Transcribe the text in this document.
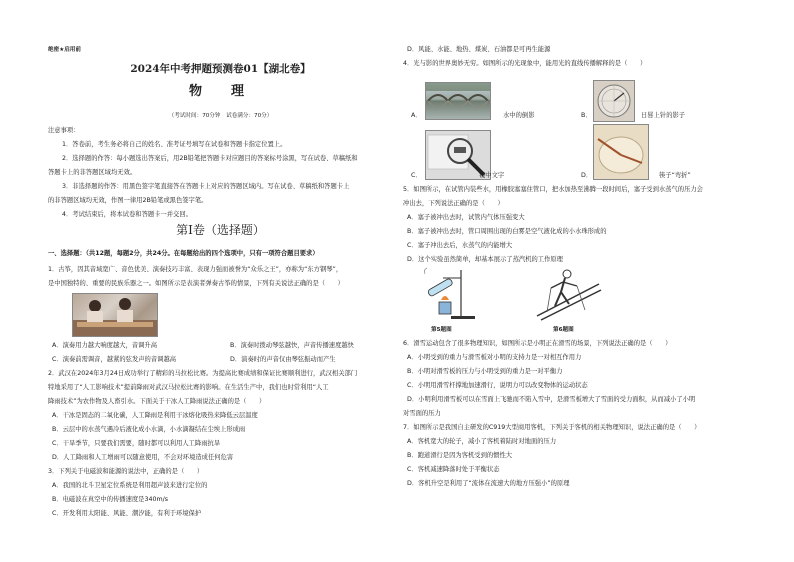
绝密★启用前
2024年中考押题预测卷01【湖北卷】
物　理
（考试时间：70分钟　试卷满分：70分）
注意事项：
1．答卷前，考生务必将自己的姓名、准考证号填写在试卷和答题卡指定位置上。
2．选择题的作答：每小题选出答案后，用2B铅笔把答题卡对应题目的答案标号涂黑，写在试卷、草稿纸和
答题卡上的非答题区域均无效。
3．非选择题的作答：用黑色签字笔直接答在答题卡上对应的答题区域内。写在试卷、草稿纸和答题卡上
的非答题区域均无效，作图一律用2B铅笔或黑色签字笔。
4．考试结束后，将本试卷和答题卡一并交回。
第Ⅰ卷（选择题）
一、选择题：（共12题，每题2分，共24分。在每题给出的四个选项中，只有一项符合题目要求）
1．古筝，因其音域宽广、音色优美、演奏技巧丰富、表现力强而被誉为“众乐之王”，亦称为“东方钢琴”，
是中国独特的、重要的民族乐器之一。如图所示是表演者弹奏古筝的情景，下列有关说法正确的是（　　）
A．演奏用力越大响度越大，音调升高	B．演奏时拨动琴弦越快，声音传播速度越快
C．演奏前需调音，越紧的弦发声的音调越高	D．演奏时的声音仅由琴弦振动而产生
2．武汉在2024年3月24日成功举行了精彩的马拉松比赛。为提高比赛成绩和保证比赛顺利进行，武汉相关部门
特地采用了“人工影响技术”提前降雨对武汉马拉松比赛的影响。在生活生产中，我们也时常利用“人工
降雨技术”为农作物及人畜引水。下面关于干冰人工降雨说法正确的是（　　）
A．干冰是固态的二氧化碳，人工降雨是利用干冰熔化吸热来降低云层温度
B．云层中的水蒸气遇冷后液化成小水滴，小水滴凝结在尘埃上形成雨
C．干旱季节，只要我们需要，随时都可以利用人工降雨抗旱
D．人工降雨和人工增雨可以随意使用，不会对环境造成任何危害
3．下列关于电磁波和能源的说法中，正确的是（　　）
A．我国的北斗卫星定位系统是利用超声波来进行定位的
B．电磁波在真空中的传播速度是340m/s
C．开发利用太阳能、风能、潮汐能，有利于环境保护
D．风能、水能、地热、煤炭、石油都是可再生能源
4．光与影的世界奥妙无穷。如图所示的光现象中，能用光的直线传播解释的是（　　）
A．	水中的倒影	B．	日晷上针的影子
C．	镜中文字	D．	筷子“弯折”
5．如图所示，在试管内装些水，用橡胶塞塞住管口，把水加热至沸腾一段时间后，塞子受到水蒸气的压力会
冲出去，下列说法正确的是（　　）
A．塞子被冲出去时，试管内气体压强变大
B．塞子被冲出去时，管口周围出现的白雾是空气液化成的小水珠形成的
C．塞子冲出去后，水蒸气的内能增大
D．这个实验虽然简单，却基本展示了蒸汽机的工作原理
第5题图	第6题图
6．滑雪运动包含了很多物理知识，如图所示是小明正在滑雪的场景，下列说法正确的是（　　）
A．小明受到的重力与滑雪板对小明的支持力是一对相互作用力
B．小明对滑雪板的压力与小明受到的重力是一对平衡力
C．小明用滑雪杆撑地加速滑行，说明力可以改变物体的运动状态
D．小明利用滑雪板可以在雪面上飞驰而不陷入雪中，是滑雪板增大了雪面的受力面积，从而减小了小明
对雪面的压力
7．如图所示是我国自主研发的C919大型商用客机，下列关于客机的相关物理知识，说法正确的是（　　）
A．客机宽大的轮子，减小了客机着陆时对地面的压力
B．跑道滑行是因为客机受到的惯性大
C．客机减速降落时处于平衡状态
D．客机升空是利用了“流体在流速大的地方压强小”的原理
